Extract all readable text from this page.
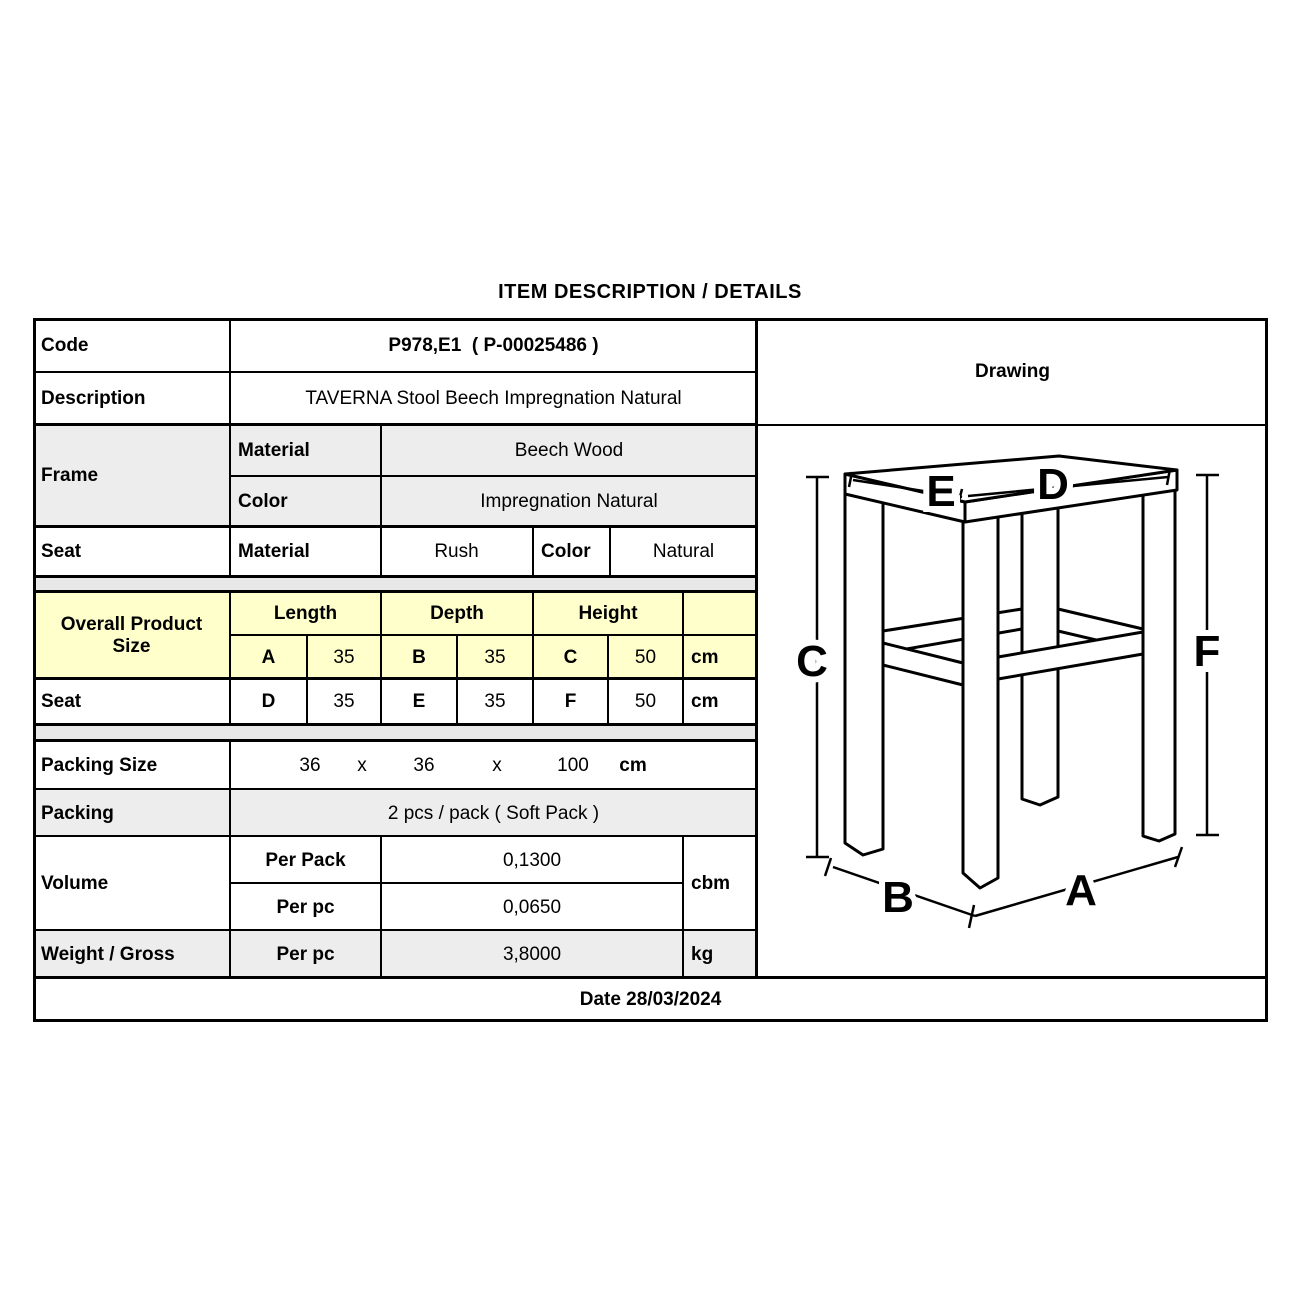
ITEM DESCRIPTION / DETAILS
Code	P978,E1  ( P-00025486 )
Description	TAVERNA Stool Beech Impregnation Natural
Frame
Material	Beech Wood
Color	Impregnation Natural
Seat	Material	Rush	Color	Natural
Overall Product
Size
Length	Depth	Height
A	35	B	35	C	50	cm
Seat	D	35	E	35	F	50	cm
Packing Size	36	x	36	x	100	cm
Packing	2 pcs / pack ( Soft Pack )
Volume
Per Pack	0,1300
Per pc	0,0650
cbm
Weight / Gross	Per pc	3,8000	kg
Date 28/03/2024
Drawing
E D
C	F
B	A
